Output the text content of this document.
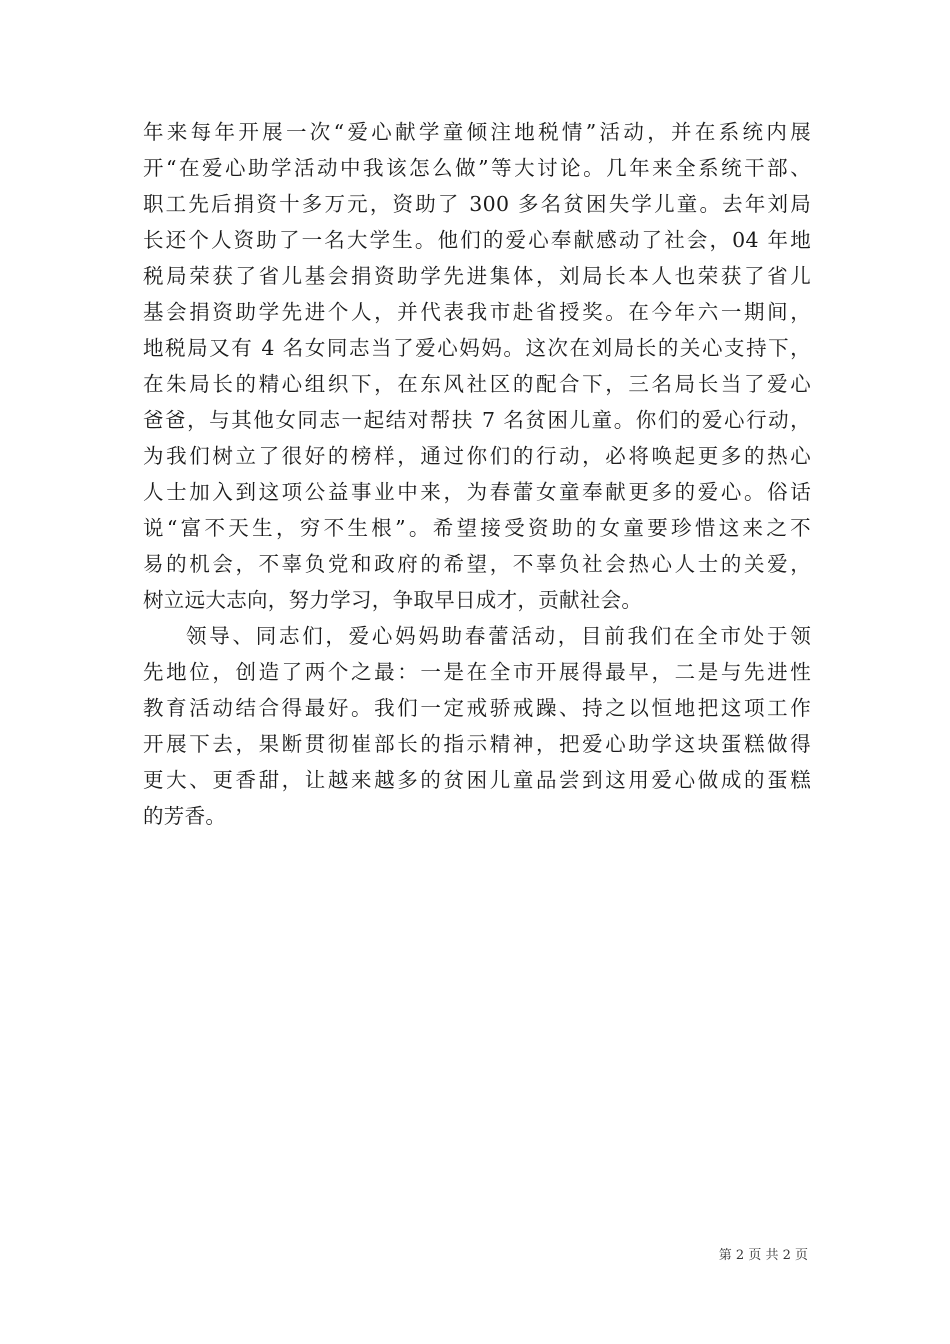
年来每年开展一次“爱心献学童倾注地税情”活动，并在系统内展
开“在爱心助学活动中我该怎么做”等大讨论。几年来全系统干部、
职工先后捐资十多万元，资助了 300 多名贫困失学儿童。去年刘局
长还个人资助了一名大学生。他们的爱心奉献感动了社会，04 年地
税局荣获了省儿基会捐资助学先进集体，刘局长本人也荣获了省儿
基会捐资助学先进个人，并代表我市赴省授奖。在今年六一期间，
地税局又有 4 名女同志当了爱心妈妈。这次在刘局长的关心支持下，
在朱局长的精心组织下，在东风社区的配合下，三名局长当了爱心
爸爸，与其他女同志一起结对帮扶 7 名贫困儿童。你们的爱心行动，
为我们树立了很好的榜样，通过你们的行动，必将唤起更多的热心
人士加入到这项公益事业中来，为春蕾女童奉献更多的爱心。俗话
说“富不天生，穷不生根”。希望接受资助的女童要珍惜这来之不
易的机会，不辜负党和政府的希望，不辜负社会热心人士的关爱，
树立远大志向，努力学习，争取早日成才，贡献社会。
领导、同志们，爱心妈妈助春蕾活动，目前我们在全市处于领
先地位，创造了两个之最：一是在全市开展得最早，二是与先进性
教育活动结合得最好。我们一定戒骄戒躁、持之以恒地把这项工作
开展下去，果断贯彻崔部长的指示精神，把爱心助学这块蛋糕做得
更大、更香甜，让越来越多的贫困儿童品尝到这用爱心做成的蛋糕
的芳香。
第 2 页 共 2 页
